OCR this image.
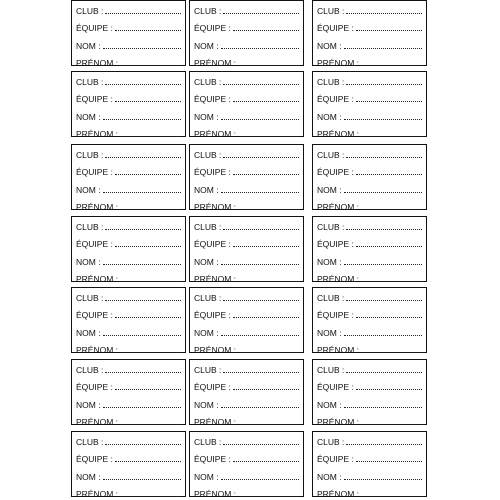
CLUB :
ÉQUIPE :
NOM :
PRÉNOM :
CLUB :
ÉQUIPE :
NOM :
PRÉNOM :
CLUB :
ÉQUIPE :
NOM :
PRÉNOM :
CLUB :
ÉQUIPE :
NOM :
PRÉNOM :
CLUB :
ÉQUIPE :
NOM :
PRÉNOM :
CLUB :
ÉQUIPE :
NOM :
PRÉNOM :
CLUB :
ÉQUIPE :
NOM :
PRÉNOM :
CLUB :
ÉQUIPE :
NOM :
PRÉNOM :
CLUB :
ÉQUIPE :
NOM :
PRÉNOM :
CLUB :
ÉQUIPE :
NOM :
PRÉNOM :
CLUB :
ÉQUIPE :
NOM :
PRÉNOM :
CLUB :
ÉQUIPE :
NOM :
PRÉNOM :
CLUB :
ÉQUIPE :
NOM :
PRÉNOM :
CLUB :
ÉQUIPE :
NOM :
PRÉNOM :
CLUB :
ÉQUIPE :
NOM :
PRÉNOM :
CLUB :
ÉQUIPE :
NOM :
PRÉNOM :
CLUB :
ÉQUIPE :
NOM :
PRÉNOM :
CLUB :
ÉQUIPE :
NOM :
PRÉNOM :
CLUB :
ÉQUIPE :
NOM :
PRÉNOM :
CLUB :
ÉQUIPE :
NOM :
PRÉNOM :
CLUB :
ÉQUIPE :
NOM :
PRÉNOM :
